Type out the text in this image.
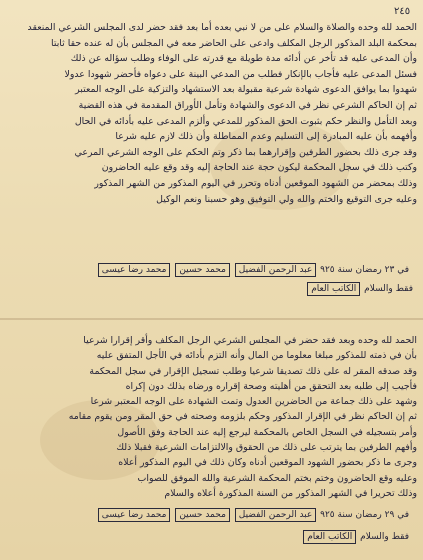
٢٤٥
الحمد لله وحده والصلاة والسلام على من لا نبي بعده أما بعد فقد حضر لدى المجلس الشرعي المنعقد
بمحكمة البلد المذكور الرجل المكلف وادعى على الحاضر معه في المجلس بأن له عنده حقا ثابتا
وأن المدعى عليه قد تأخر عن أدائه مدة طويلة مع قدرته على الوفاء وطلب سؤاله عن ذلك
فسئل المدعى عليه فأجاب بالإنكار فطلب من المدعي البينة على دعواه فأحضر شهودا عدولا
شهدوا بما يوافق الدعوى شهادة شرعية مقبولة بعد الاستشهاد والتزكية على الوجه المعتبر
ثم إن الحاكم الشرعي نظر في الدعوى والشهادة وتأمل الأوراق المقدمة في هذه القضية
وبعد التأمل والنظر حكم بثبوت الحق المذكور للمدعي وألزم المدعى عليه بأدائه في الحال
وأفهمه بأن عليه المبادرة إلى التسليم وعدم المماطلة وأن ذلك لازم عليه شرعا
وقد جرى ذلك بحضور الطرفين وإقرارهما بما ذكر وتم الحكم على الوجه الشرعي المرعي
وكتب ذلك في سجل المحكمة ليكون حجة عند الحاجة إليه وقد وقع عليه الحاضرون
وذلك بمحضر من الشهود الموقعين أدناه وتحرر في اليوم المذكور من الشهر المذكور
وعليه جرى التوقيع والختم والله ولي التوفيق وهو حسبنا ونعم الوكيل
في ٢٣ رمضان سنة ٩٢٥ عبد الرحمن الفضيل محمد حسين محمد رضا عيسى
فقط والسلام الكاتب العام
الحمد لله وحده وبعد فقد حضر في المجلس الشرعي الرجل المكلف وأقر إقرارا شرعيا
بأن في ذمته للمذكور مبلغا معلوما من المال وأنه التزم بأدائه في الأجل المتفق عليه
وقد صدقه المقر له على ذلك تصديقا شرعيا وطلب تسجيل الإقرار في سجل المحكمة
فأجيب إلى طلبه بعد التحقق من أهليته وصحة إقراره ورضاه بذلك دون إكراه
وشهد على ذلك جماعة من الحاضرين العدول وتمت الشهادة على الوجه المعتبر شرعا
ثم إن الحاكم نظر في الإقرار المذكور وحكم بلزومه وصحته في حق المقر ومن يقوم مقامه
وأمر بتسجيله في السجل الخاص بالمحكمة ليرجع إليه عند الحاجة وفق الأصول
وأفهم الطرفين بما يترتب على ذلك من الحقوق والالتزامات الشرعية فقبلا ذلك
وجرى ما ذكر بحضور الشهود الموقعين أدناه وكان ذلك في اليوم المذكور أعلاه
وعليه وقع الحاضرون وختم بختم المحكمة الشرعية والله الموفق للصواب
وذلك تحريرا في الشهر المذكور من السنة المذكورة أعلاه والسلام
في ٢٩ رمضان سنة ٩٢٥ عبد الرحمن الفضيل محمد حسين محمد رضا عيسى
فقط والسلام الكاتب العام
